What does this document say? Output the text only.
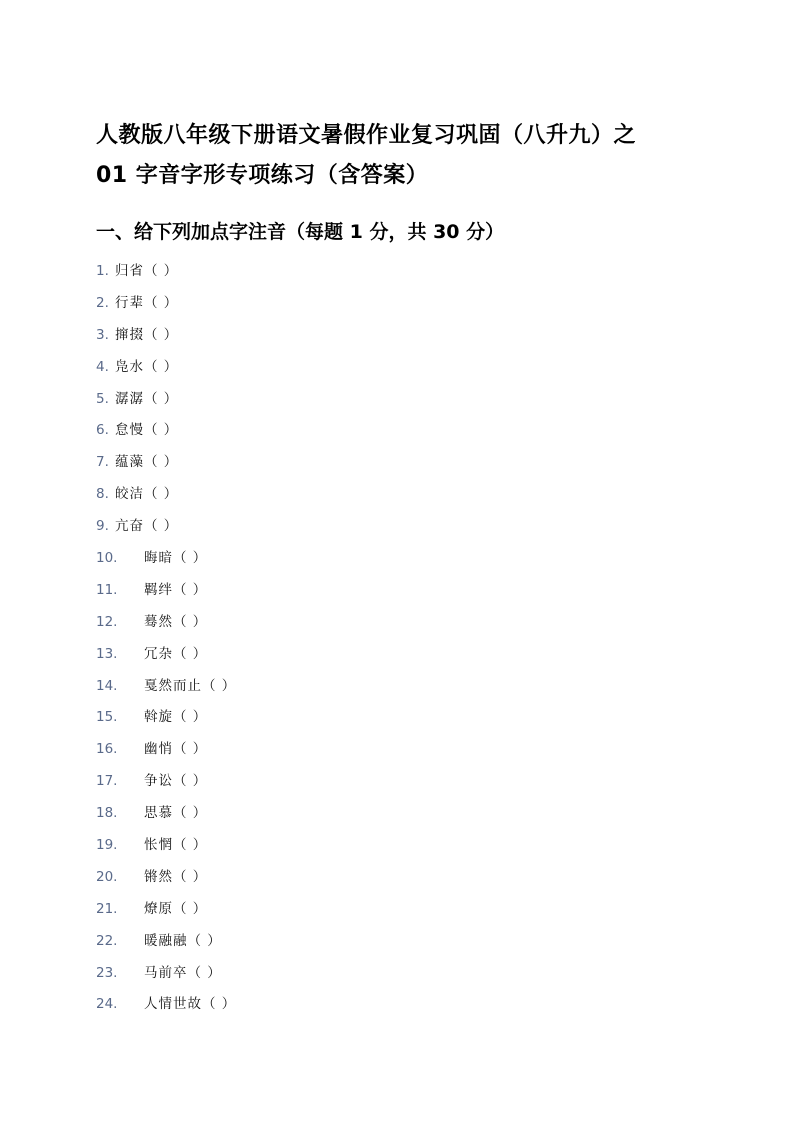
人教版八年级下册语文暑假作业复习巩固（八升九）之
01 字音字形专项练习（含答案）
一、给下列加点字注音（每题 1 分，共 30 分）
1. 归省（ ）
2. 行辈（ ）
3. 撺掇（ ）
4. 凫水（ ）
5. 潺潺（ ）
6. 怠慢（ ）
7. 蕴藻（ ）
8. 皎洁（ ）
9. 亢奋（ ）
10.	晦暗（ ）
11.	羁绊（ ）
12.	蓦然（ ）
13.	冗杂（ ）
14.	戛然而止（ ）
15.	斡旋（ ）
16.	幽悄（ ）
17.	争讼（ ）
18.	思慕（ ）
19.	怅惘（ ）
20.	锵然（ ）
21.	燎原（ ）
22.	暖融融（ ）
23.	马前卒（ ）
24.	人情世故（ ）
